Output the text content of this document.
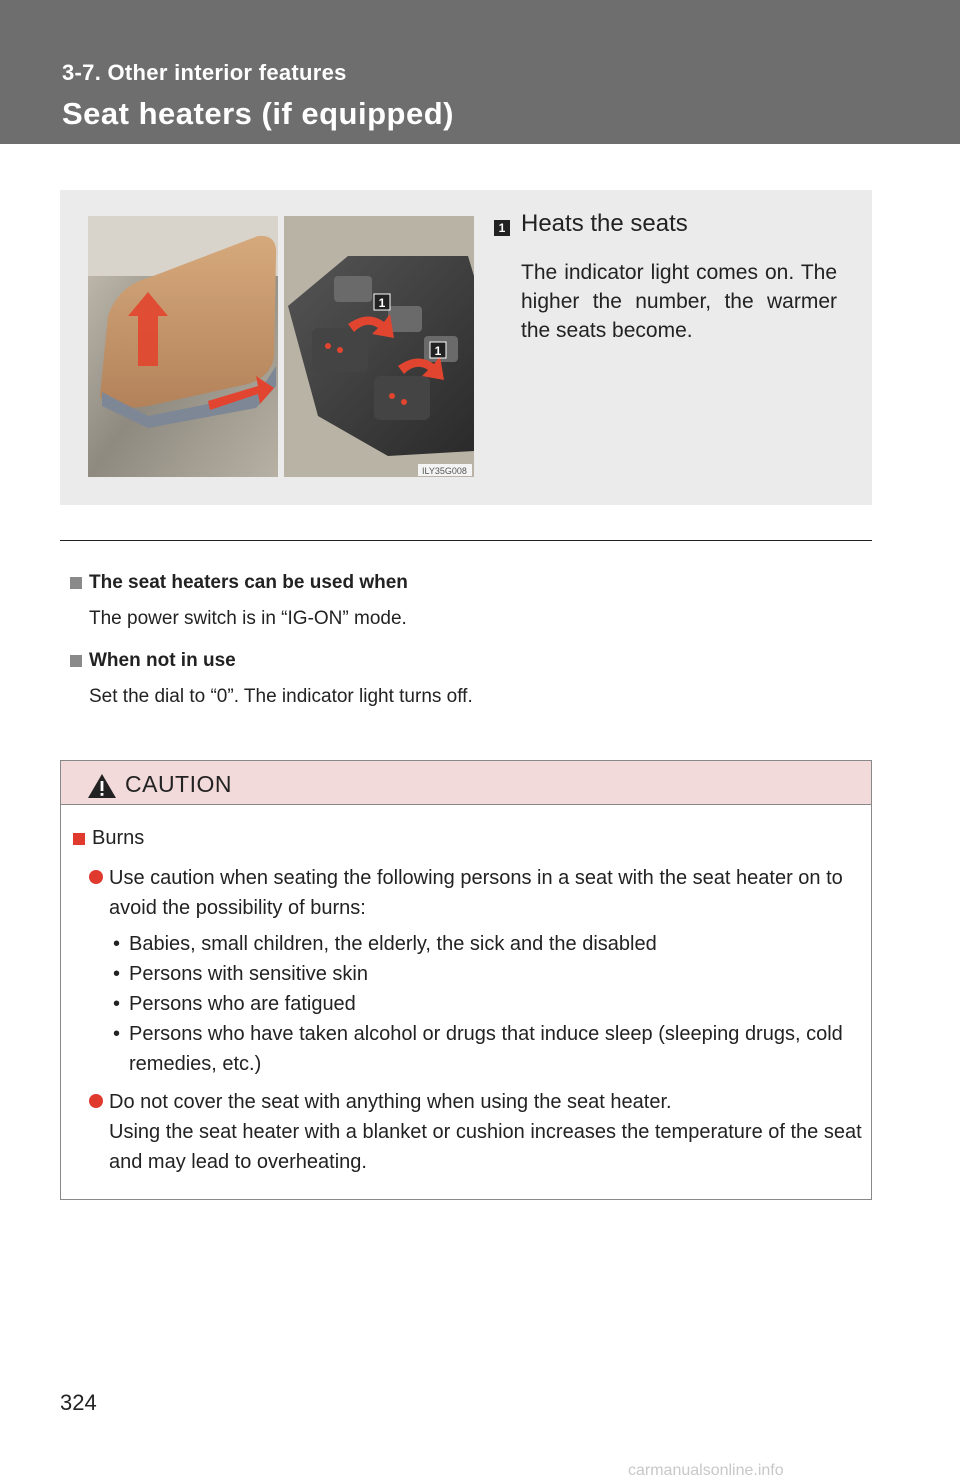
3-7. Other interior features
Seat heaters (if equipped)
1
1
ILY35G008
1 Heats the seats
The indicator light comes on. The higher the number, the warmer the seats become.
The seat heaters can be used when
The power switch is in “IG-ON” mode.
When not in use
Set the dial to “0”. The indicator light turns off.
CAUTION
Burns
Use caution when seating the following persons in a seat with the seat heater on to avoid the possibility of burns:
• Babies, small children, the elderly, the sick and the disabled
• Persons with sensitive skin
• Persons who are fatigued
• Persons who have taken alcohol or drugs that induce sleep (sleeping drugs, cold remedies, etc.)
Do not cover the seat with anything when using the seat heater.
Using the seat heater with a blanket or cushion increases the temperature of the seat and may lead to overheating.
324
carmanualsonline.info
